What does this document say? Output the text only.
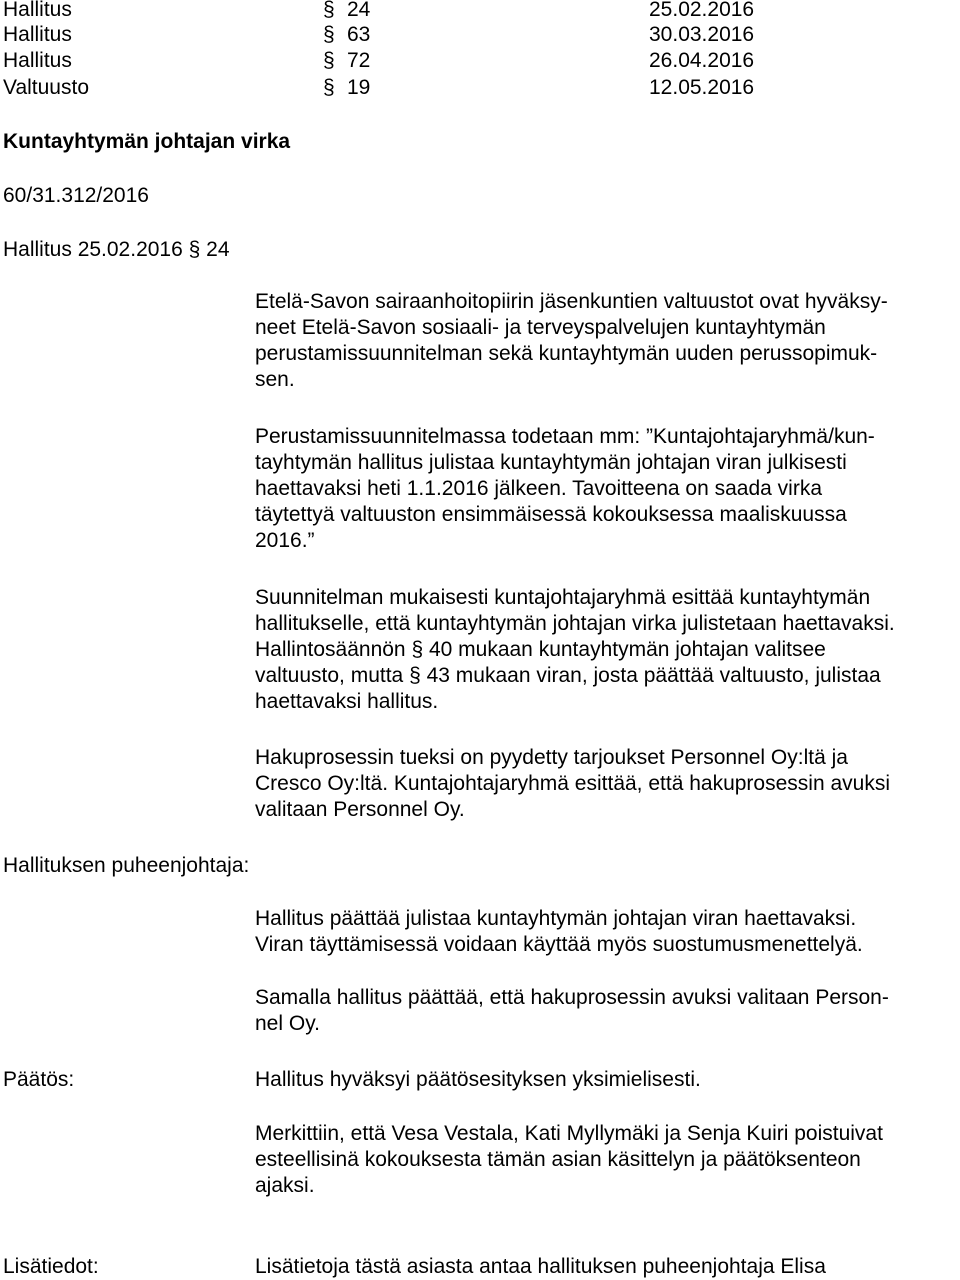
Hallitus	§ 24	25.02.2016
Hallitus	§ 63	30.03.2016
Hallitus	§ 72	26.04.2016
Valtuusto	§ 19	12.05.2016
Kuntayhtymän johtajan virka
60/31.312/2016
Hallitus 25.02.2016 § 24
Etelä-Savon sairaanhoitopiirin jäsenkuntien valtuustot ovat hyväksy-
neet Etelä-Savon sosiaali- ja terveyspalvelujen kuntayhtymän
perustamissuunnitelman sekä kuntayhtymän uuden perussopimuk-
sen.
Perustamissuunnitelmassa todetaan mm: ”Kuntajohtajaryhmä/kun-
tayhtymän hallitus julistaa kuntayhtymän johtajan viran julkisesti
haettavaksi heti 1.1.2016 jälkeen. Tavoitteena on saada virka
täytettyä valtuuston ensimmäisessä kokouksessa maaliskuussa
2016.”
Suunnitelman mukaisesti kuntajohtajaryhmä esittää kuntayhtymän
hallitukselle, että kuntayhtymän johtajan virka julistetaan haettavaksi.
Hallintosäännön § 40 mukaan kuntayhtymän johtajan valitsee
valtuusto, mutta § 43 mukaan viran, josta päättää valtuusto, julistaa
haettavaksi hallitus.
Hakuprosessin tueksi on pyydetty tarjoukset Personnel Oy:ltä ja
Cresco Oy:ltä. Kuntajohtajaryhmä esittää, että hakuprosessin avuksi
valitaan Personnel Oy.
Hallituksen puheenjohtaja:
Hallitus päättää julistaa kuntayhtymän johtajan viran haettavaksi.
Viran täyttämisessä voidaan käyttää myös suostumusmenettelyä.
Samalla hallitus päättää, että hakuprosessin avuksi valitaan Person-
nel Oy.
Päätös:	Hallitus hyväksyi päätösesityksen yksimielisesti.
Merkittiin, että Vesa Vestala, Kati Myllymäki ja Senja Kuiri poistuivat
esteellisinä kokouksesta tämän asian käsittelyn ja päätöksenteon
ajaksi.
Lisätiedot:	Lisätietoja tästä asiasta antaa hallituksen puheenjohtaja Elisa
